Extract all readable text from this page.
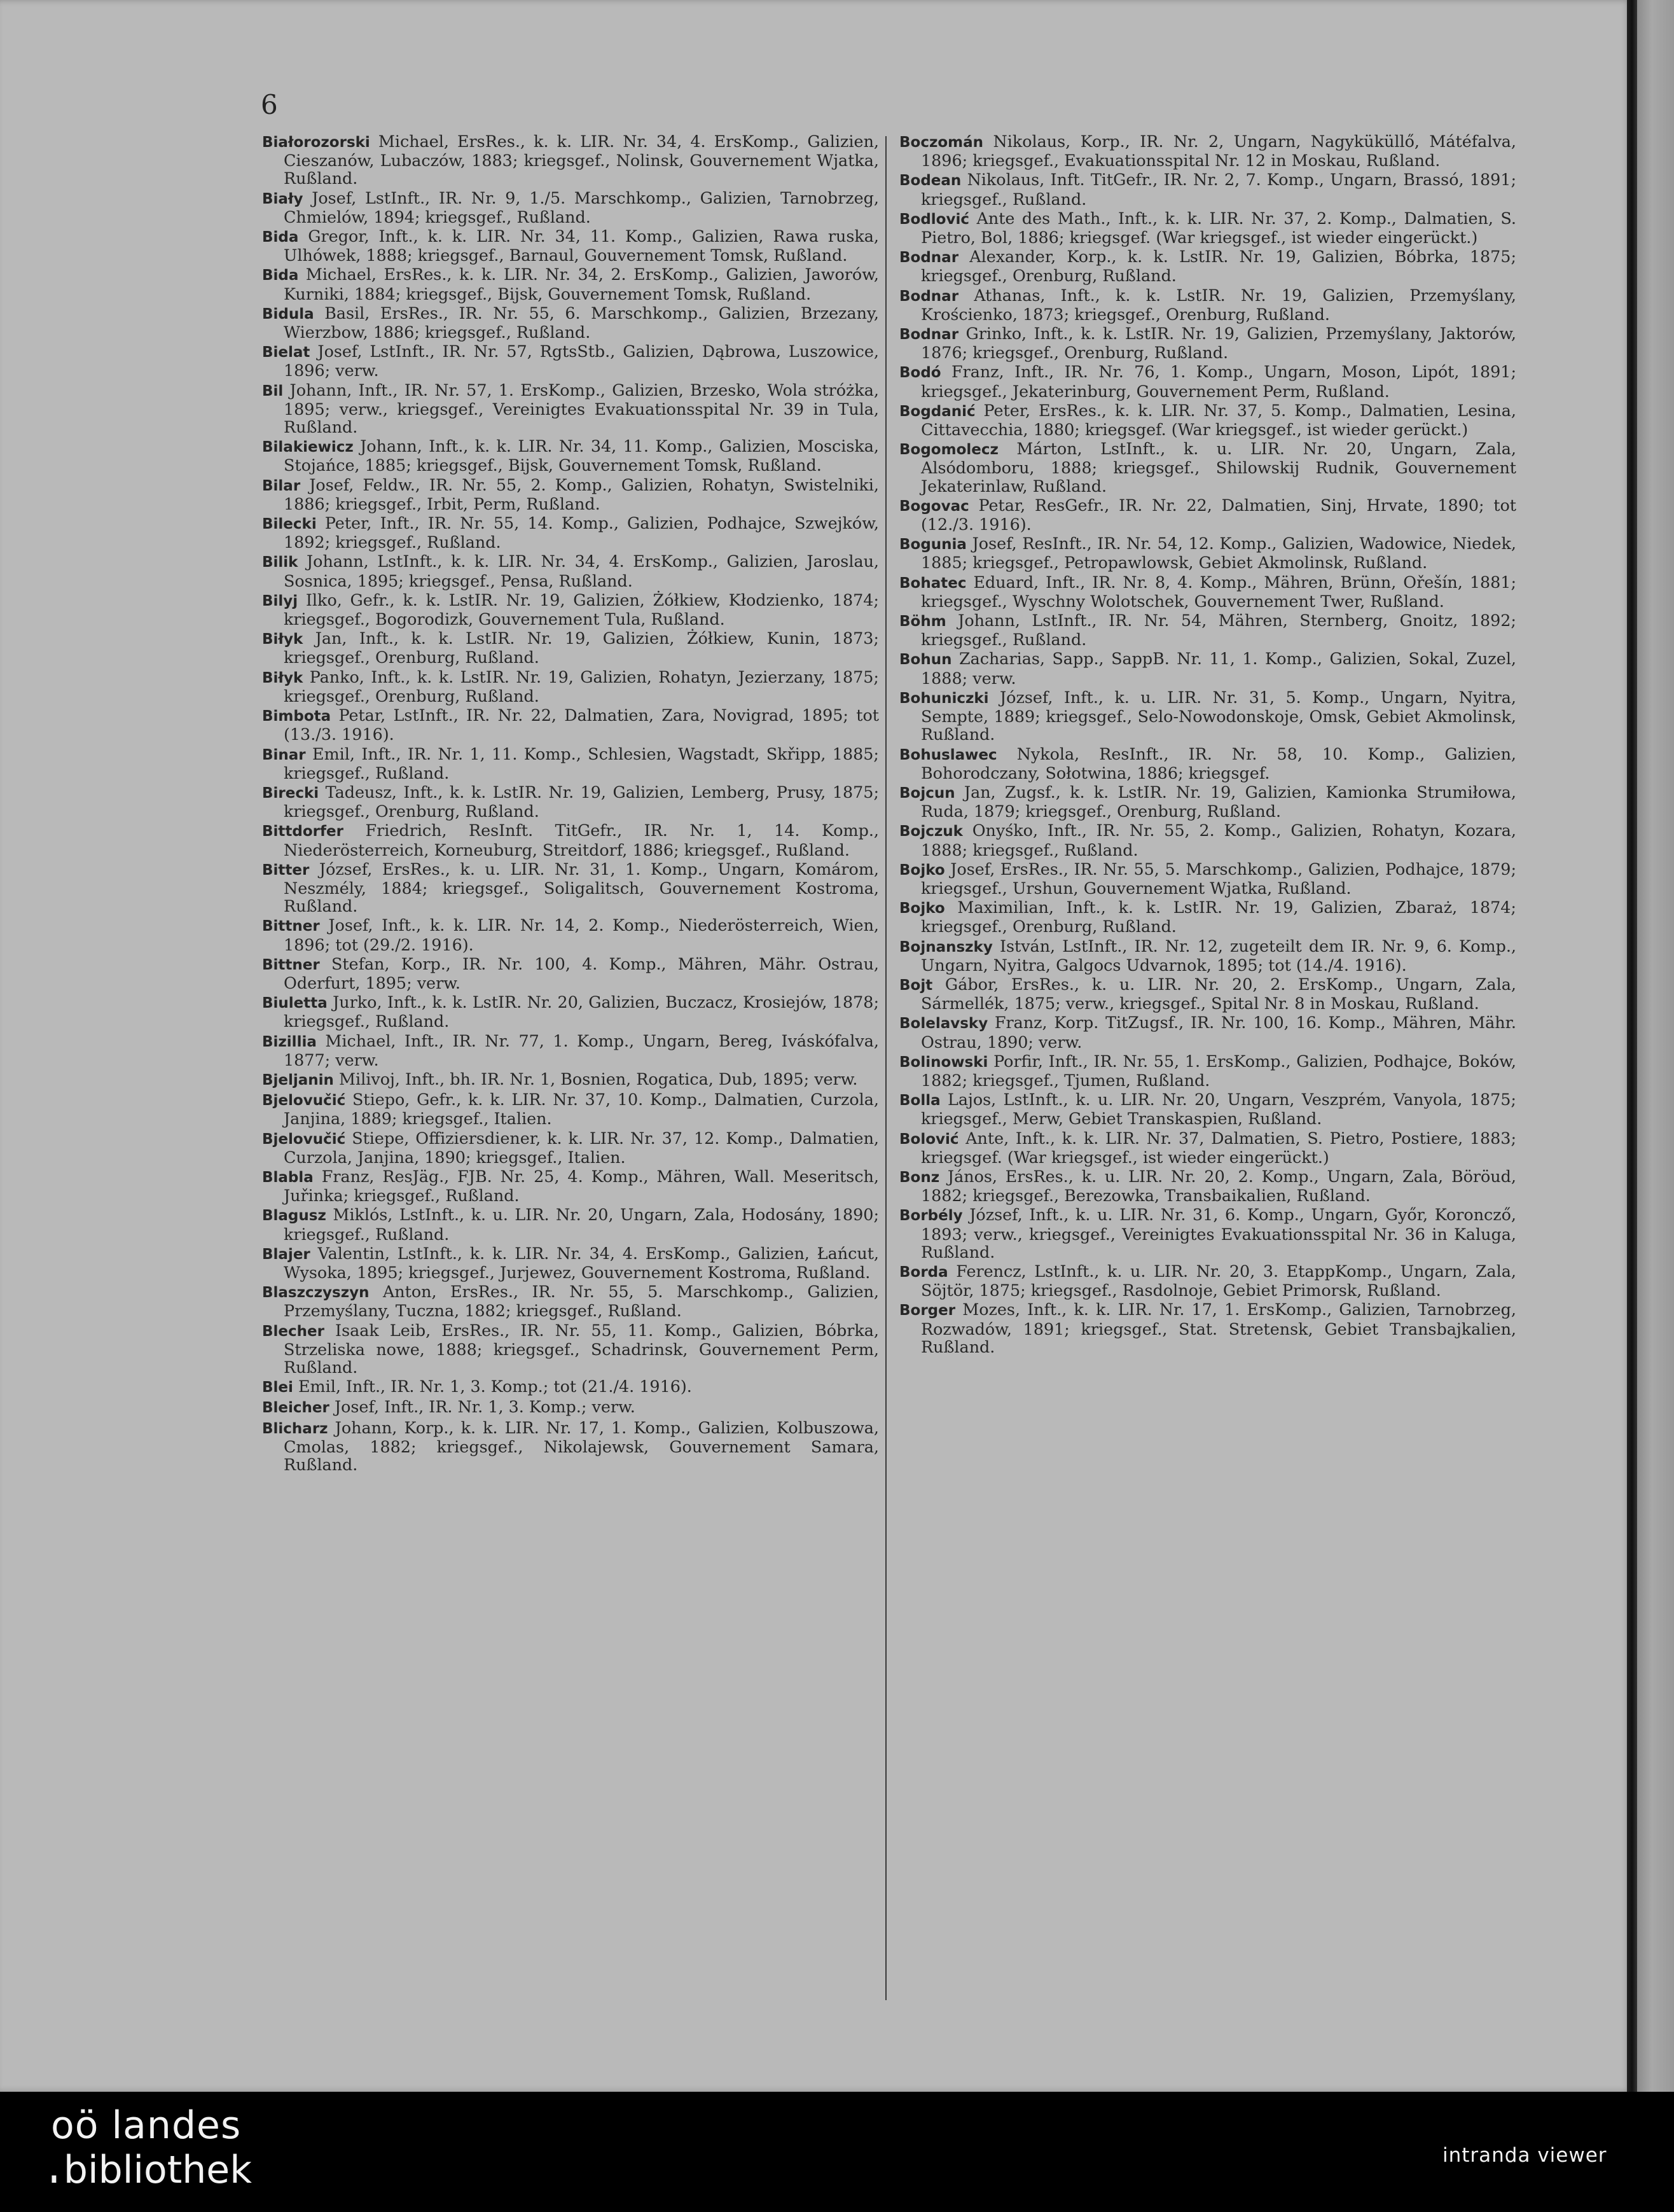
6

Białorozorski Michael, ErsRes., k. k. LIR. Nr. 34, 4. ErsKomp., Galizien, Cieszanów, Lubaczów, 1883; kriegsgef., Nolinsk, Gouvernement Wjatka, Rußland.

Biały Josef, LstInft., IR. Nr. 9, 1./5. Marschkomp., Galizien, Tarnobrzeg, Chmielów, 1894; kriegsgef., Rußland.

Bida Gregor, Inft., k. k. LIR. Nr. 34, 11. Komp., Galizien, Rawa ruska, Ulhówek, 1888; kriegsgef., Barnaul, Gouvernement Tomsk, Rußland.

Bida Michael, ErsRes., k. k. LIR. Nr. 34, 2. ErsKomp., Galizien, Jaworów, Kurniki, 1884; kriegsgef., Bijsk, Gouvernement Tomsk, Rußland.

Bidula Basil, ErsRes., IR. Nr. 55, 6. Marschkomp., Galizien, Brzezany, Wierzbow, 1886; kriegsgef., Rußland.

Bielat Josef, LstInft., IR. Nr. 57, RgtsStb., Galizien, Dąbrowa, Luszowice, 1896; verw.

Bil Johann, Inft., IR. Nr. 57, 1. ErsKomp., Galizien, Brzesko, Wola stróżka, 1895; verw., kriegsgef., Vereinigtes Evakuationsspital Nr. 39 in Tula, Rußland.

Bilakiewicz Johann, Inft., k. k. LIR. Nr. 34, 11. Komp., Galizien, Mosciska, Stojańce, 1885; kriegsgef., Bijsk, Gouvernement Tomsk, Rußland.

Bilar Josef, Feldw., IR. Nr. 55, 2. Komp., Galizien, Rohatyn, Swistelniki, 1886; kriegsgef., Irbit, Perm, Rußland.

Bilecki Peter, Inft., IR. Nr. 55, 14. Komp., Galizien, Podhajce, Szwejków, 1892; kriegsgef., Rußland.

Bilik Johann, LstInft., k. k. LIR. Nr. 34, 4. ErsKomp., Galizien, Jaroslau, Sosnica, 1895; kriegsgef., Pensa, Rußland.

Bilyj Ilko, Gefr., k. k. LstIR. Nr. 19, Galizien, Żółkiew, Kłodzienko, 1874; kriegsgef., Bogorodizk, Gouvernement Tula, Rußland.

Biłyk Jan, Inft., k. k. LstIR. Nr. 19, Galizien, Żółkiew, Kunin, 1873; kriegsgef., Orenburg, Rußland.

Biłyk Panko, Inft., k. k. LstIR. Nr. 19, Galizien, Rohatyn, Jezierzany, 1875; kriegsgef., Orenburg, Rußland.

Bimbota Petar, LstInft., IR. Nr. 22, Dalmatien, Zara, Novigrad, 1895; tot (13./3. 1916).

Binar Emil, Inft., IR. Nr. 1, 11. Komp., Schlesien, Wagstadt, Skřipp, 1885; kriegsgef., Rußland.

Birecki Tadeusz, Inft., k. k. LstIR. Nr. 19, Galizien, Lemberg, Prusy, 1875; kriegsgef., Orenburg, Rußland.

Bittdorfer Friedrich, ResInft. TitGefr., IR. Nr. 1, 14. Komp., Niederösterreich, Korneuburg, Streitdorf, 1886; kriegsgef., Rußland.

Bitter József, ErsRes., k. u. LIR. Nr. 31, 1. Komp., Ungarn, Komárom, Neszmély, 1884; kriegsgef., Soligalitsch, Gouvernement Kostroma, Rußland.

Bittner Josef, Inft., k. k. LIR. Nr. 14, 2. Komp., Niederösterreich, Wien, 1896; tot (29./2. 1916).

Bittner Stefan, Korp., IR. Nr. 100, 4. Komp., Mähren, Mähr. Ostrau, Oderfurt, 1895; verw.

Biuletta Jurko, Inft., k. k. LstIR. Nr. 20, Galizien, Buczacz, Krosiejów, 1878; kriegsgef., Rußland.

Bizillia Michael, Inft., IR. Nr. 77, 1. Komp., Ungarn, Bereg, Iváskófalva, 1877; verw.

Bjeljanin Milivoj, Inft., bh. IR. Nr. 1, Bosnien, Rogatica, Dub, 1895; verw.

Bjelovučić Stiepo, Gefr., k. k. LIR. Nr. 37, 10. Komp., Dalmatien, Curzola, Janjina, 1889; kriegsgef., Italien.

Bjelovučić Stiepe, Offiziersdiener, k. k. LIR. Nr. 37, 12. Komp., Dalmatien, Curzola, Janjina, 1890; kriegsgef., Italien.

Blabla Franz, ResJäg., FJB. Nr. 25, 4. Komp., Mähren, Wall. Meseritsch, Juřinka; kriegsgef., Rußland.

Blagusz Miklós, LstInft., k. u. LIR. Nr. 20, Ungarn, Zala, Hodosány, 1890; kriegsgef., Rußland.

Blajer Valentin, LstInft., k. k. LIR. Nr. 34, 4. ErsKomp., Galizien, Łańcut, Wysoka, 1895; kriegsgef., Jurjewez, Gouvernement Kostroma, Rußland.

Blaszczyszyn Anton, ErsRes., IR. Nr. 55, 5. Marschkomp., Galizien, Przemyślany, Tuczna, 1882; kriegsgef., Rußland.

Blecher Isaak Leib, ErsRes., IR. Nr. 55, 11. Komp., Galizien, Bóbrka, Strzeliska nowe, 1888; kriegsgef., Schadrinsk, Gouvernement Perm, Rußland.

Blei Emil, Inft., IR. Nr. 1, 3. Komp.; tot (21./4. 1916).

Bleicher Josef, Inft., IR. Nr. 1, 3. Komp.; verw.

Blicharz Johann, Korp., k. k. LIR. Nr. 17, 1. Komp., Galizien, Kolbuszowa, Cmolas, 1882; kriegsgef., Nikolajewsk, Gouvernement Samara, Rußland.

Boczomán Nikolaus, Korp., IR. Nr. 2, Ungarn, Nagyküküllő, Mátéfalva, 1896; kriegsgef., Evakuationsspital Nr. 12 in Moskau, Rußland.

Bodean Nikolaus, Inft. TitGefr., IR. Nr. 2, 7. Komp., Ungarn, Brassó, 1891; kriegsgef., Rußland.

Bodlović Ante des Math., Inft., k. k. LIR. Nr. 37, 2. Komp., Dalmatien, S. Pietro, Bol, 1886; kriegsgef. (War kriegsgef., ist wieder eingerückt.)

Bodnar Alexander, Korp., k. k. LstIR. Nr. 19, Galizien, Bóbrka, 1875; kriegsgef., Orenburg, Rußland.

Bodnar Athanas, Inft., k. k. LstIR. Nr. 19, Galizien, Przemyślany, Krościenko, 1873; kriegsgef., Orenburg, Rußland.

Bodnar Grinko, Inft., k. k. LstIR. Nr. 19, Galizien, Przemyślany, Jaktorów, 1876; kriegsgef., Orenburg, Rußland.

Bodó Franz, Inft., IR. Nr. 76, 1. Komp., Ungarn, Moson, Lipót, 1891; kriegsgef., Jekaterinburg, Gouvernement Perm, Rußland.

Bogdanić Peter, ErsRes., k. k. LIR. Nr. 37, 5. Komp., Dalmatien, Lesina, Cittavecchia, 1880; kriegsgef. (War kriegsgef., ist wieder gerückt.)

Bogomolecz Márton, LstInft., k. u. LIR. Nr. 20, Ungarn, Zala, Alsódomboru, 1888; kriegsgef., Shilowskij Rudnik, Gouvernement Jekaterinlaw, Rußland.

Bogovac Petar, ResGefr., IR. Nr. 22, Dalmatien, Sinj, Hrvate, 1890; tot (12./3. 1916).

Bogunia Josef, ResInft., IR. Nr. 54, 12. Komp., Galizien, Wadowice, Niedek, 1885; kriegsgef., Petropawlowsk, Gebiet Akmolinsk, Rußland.

Bohatec Eduard, Inft., IR. Nr. 8, 4. Komp., Mähren, Brünn, Ořešín, 1881; kriegsgef., Wyschny Wolotschek, Gouvernement Twer, Rußland.

Böhm Johann, LstInft., IR. Nr. 54, Mähren, Sternberg, Gnoitz, 1892; kriegsgef., Rußland.

Bohun Zacharias, Sapp., SappB. Nr. 11, 1. Komp., Galizien, Sokal, Zuzel, 1888; verw.

Bohuniczki József, Inft., k. u. LIR. Nr. 31, 5. Komp., Ungarn, Nyitra, Sempte, 1889; kriegsgef., Selo-Nowodonskoje, Omsk, Gebiet Akmolinsk, Rußland.

Bohuslawec Nykola, ResInft., IR. Nr. 58, 10. Komp., Galizien, Bohorodczany, Sołotwina, 1886; kriegsgef.

Bojcun Jan, Zugsf., k. k. LstIR. Nr. 19, Galizien, Kamionka Strumiłowa, Ruda, 1879; kriegsgef., Orenburg, Rußland.

Bojczuk Onyśko, Inft., IR. Nr. 55, 2. Komp., Galizien, Rohatyn, Kozara, 1888; kriegsgef., Rußland.

Bojko Josef, ErsRes., IR. Nr. 55, 5. Marschkomp., Galizien, Podhajce, 1879; kriegsgef., Urshun, Gouvernement Wjatka, Rußland.

Bojko Maximilian, Inft., k. k. LstIR. Nr. 19, Galizien, Zbaraż, 1874; kriegsgef., Orenburg, Rußland.

Bojnanszky István, LstInft., IR. Nr. 12, zugeteilt dem IR. Nr. 9, 6. Komp., Ungarn, Nyitra, Galgocs Udvarnok, 1895; tot (14./4. 1916).

Bojt Gábor, ErsRes., k. u. LIR. Nr. 20, 2. ErsKomp., Ungarn, Zala, Sármellék, 1875; verw., kriegsgef., Spital Nr. 8 in Moskau, Rußland.

Bolelavsky Franz, Korp. TitZugsf., IR. Nr. 100, 16. Komp., Mähren, Mähr. Ostrau, 1890; verw.

Bolinowski Porfir, Inft., IR. Nr. 55, 1. ErsKomp., Galizien, Podhajce, Boków, 1882; kriegsgef., Tjumen, Rußland.

Bolla Lajos, LstInft., k. u. LIR. Nr. 20, Ungarn, Veszprém, Vanyola, 1875; kriegsgef., Merw, Gebiet Transkaspien, Rußland.

Bolović Ante, Inft., k. k. LIR. Nr. 37, Dalmatien, S. Pietro, Postiere, 1883; kriegsgef. (War kriegsgef., ist wieder eingerückt.)

Bonz János, ErsRes., k. u. LIR. Nr. 20, 2. Komp., Ungarn, Zala, Böröud, 1882; kriegsgef., Berezowka, Transbaikalien, Rußland.

Borbély József, Inft., k. u. LIR. Nr. 31, 6. Komp., Ungarn, Győr, Koroncző, 1893; verw., kriegsgef., Vereinigtes Evakuationsspital Nr. 36 in Kaluga, Rußland.

Borda Ferencz, LstInft., k. u. LIR. Nr. 20, 3. EtappKomp., Ungarn, Zala, Söjtör, 1875; kriegsgef., Rasdolnoje, Gebiet Primorsk, Rußland.

Borger Mozes, Inft., k. k. LIR. Nr. 17, 1. ErsKomp., Galizien, Tarnobrzeg, Rozwadów, 1891; kriegsgef., Stat. Stretensk, Gebiet Transbajkalien, Rußland.

oö landes
III bibliothek	intranda viewer
